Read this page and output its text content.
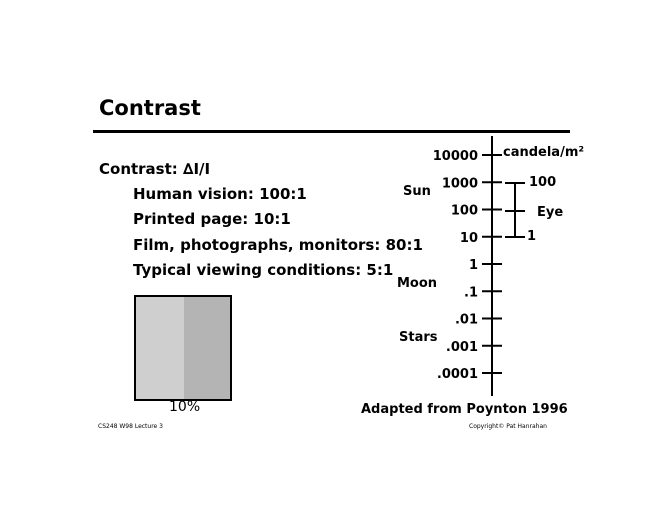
Contrast
Contrast: ∆I/I
Human vision: 100:1
Printed page: 10:1
Film, photographs, monitors: 80:1
Typical viewing conditions: 5:1
10%
CS248 W98 Lecture 3	Copyright© Pat Hanrahan
10000
1000
100
10
1
.1
.01
.001
.0001
candela/m²
Sun
Moon
Stars
100
Eye
1
Adapted from Poynton 1996
